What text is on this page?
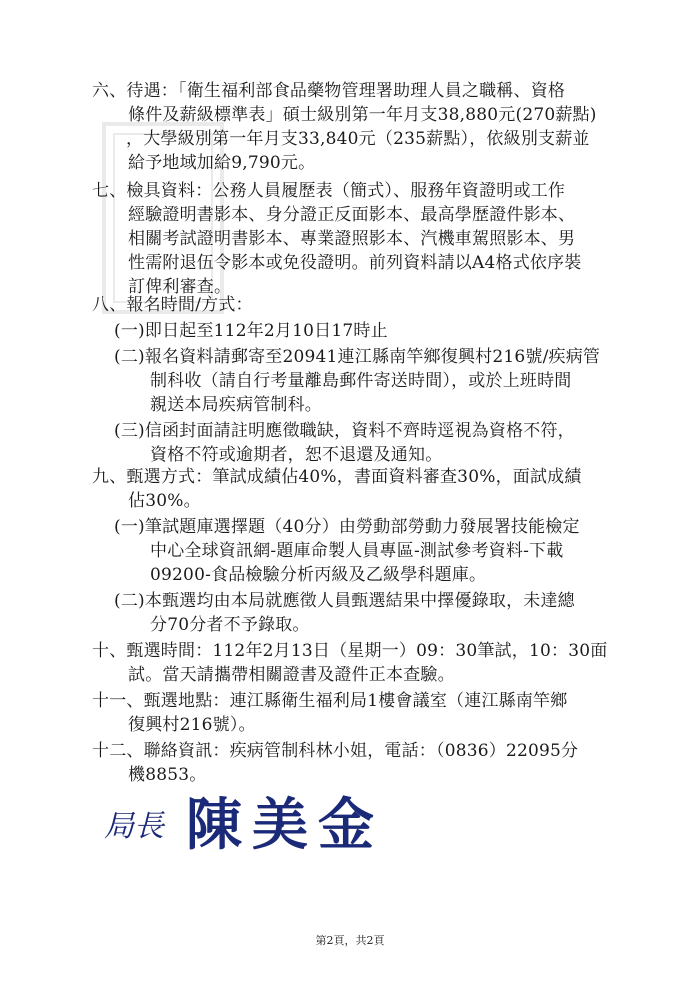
六、待遇：「衛生福利部食品藥物管理署助理人員之職稱、資格
條件及薪級標準表」碩士級別第一年月支38,880元(270薪點)
，大學級別第一年月支33,840元（235薪點），依級別支薪並
給予地域加給9,790元。
七、檢具資料：公務人員履歷表（簡式）、服務年資證明或工作
經驗證明書影本、身分證正反面影本、最高學歷證件影本、
相關考試證明書影本、專業證照影本、汽機車駕照影本、男
性需附退伍令影本或免役證明。前列資料請以A4格式依序裝
訂俾利審查。
八、報名時間/方式：
(一)即日起至112年2月10日17時止
(二)報名資料請郵寄至20941連江縣南竿鄉復興村216號/疾病管
制科收（請自行考量離島郵件寄送時間），或於上班時間
親送本局疾病管制科。
(三)信函封面請註明應徵職缺，資料不齊時逕視為資格不符，
資格不符或逾期者，恕不退還及通知。
九、甄選方式：筆試成績佔40%，書面資料審查30%，面試成績
佔30%。
(一)筆試題庫選擇題（40分）由勞動部勞動力發展署技能檢定
中心全球資訊網-題庫命製人員專區-測試參考資料-下載
09200-食品檢驗分析丙級及乙級學科題庫。
(二)本甄選均由本局就應徵人員甄選結果中擇優錄取，未達總
分70分者不予錄取。
十、甄選時間：112年2月13日（星期一）09：30筆試，10：30面
試。當天請攜帶相關證書及證件正本查驗。
十一、甄選地點：連江縣衛生福利局1樓會議室（連江縣南竿鄉
復興村216號）。
十二、聯絡資訊：疾病管制科林小姐，電話：（0836）22095分
機8853。
局長 陳美金
第2頁，共2頁
